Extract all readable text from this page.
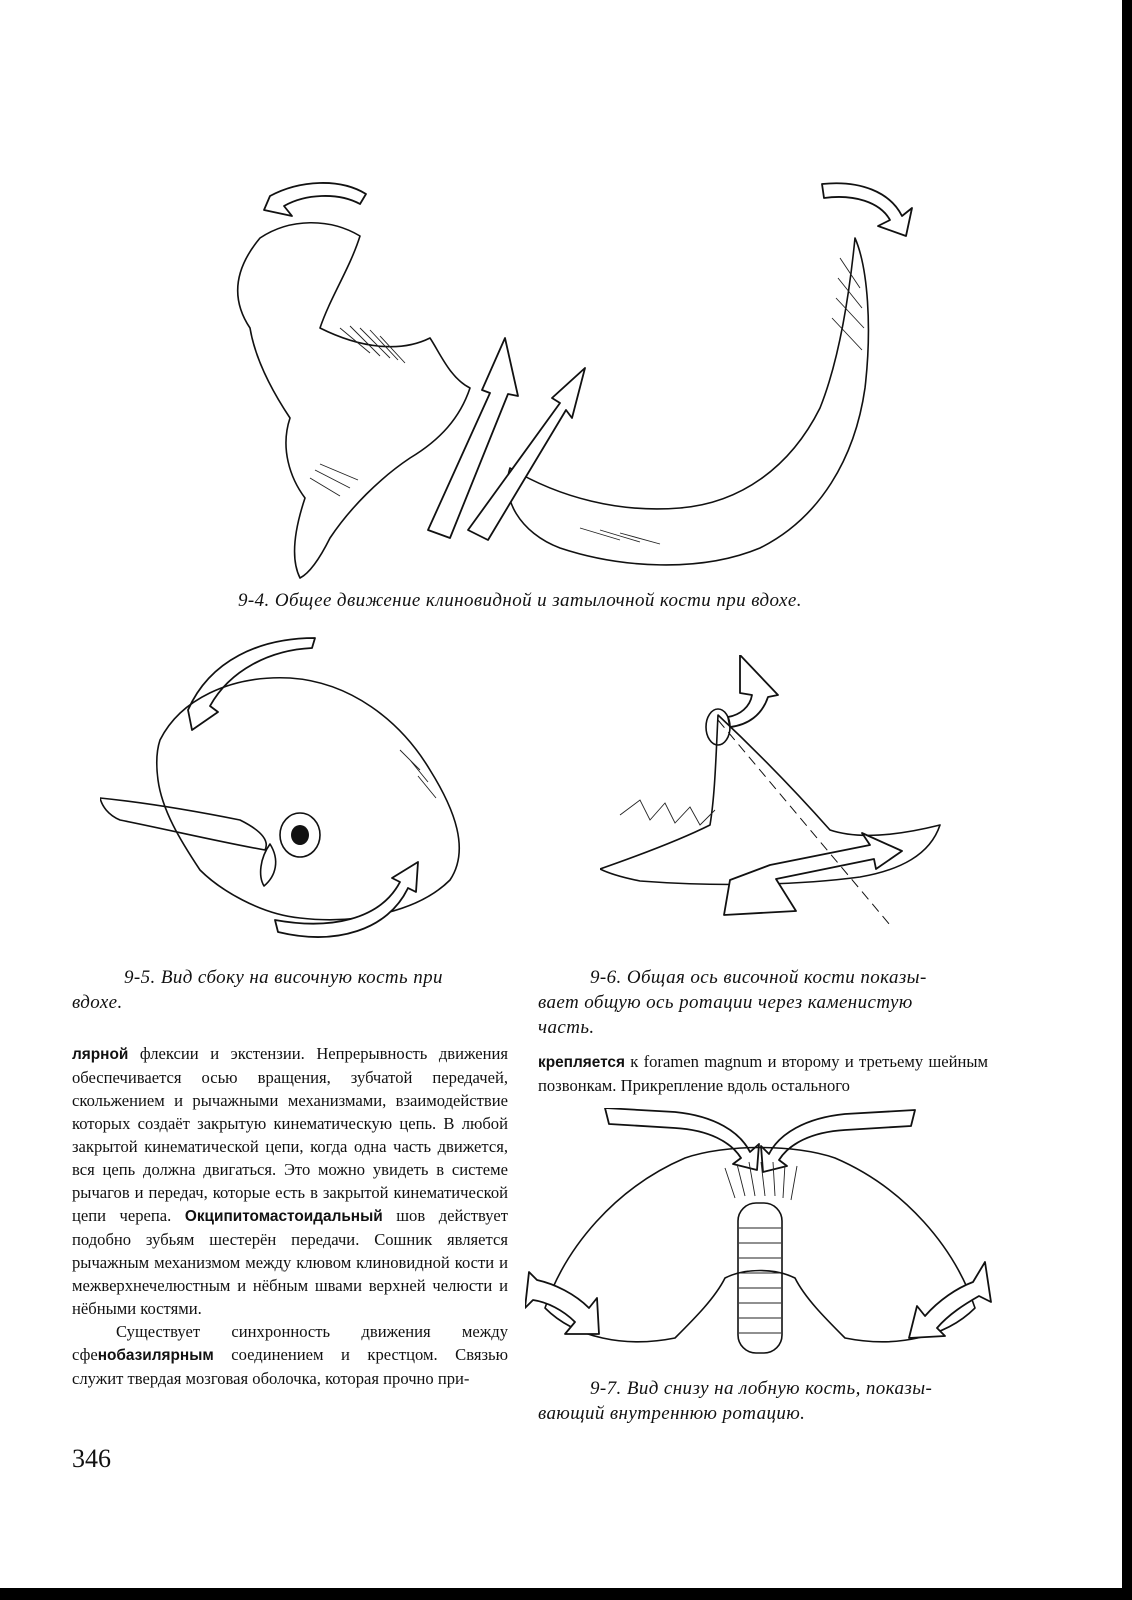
9-4. Общее движение клиновидной и затылочной кости при вдохе.
9-5. Вид сбоку на височную кость при
вдохе.
9-6. Общая ось височной кости показы-
вает общую ось ротации через каменистую
часть.

лярной флексии и экстензии. Непрерывность движения обеспечивается осью вращения, зубчатой передачей, скольжением и рычажными механизмами, взаимодействие которых создаёт закрытую кинематическую цепь. В любой закрытой кинематической цепи, когда одна часть движется, вся цепь должна двигаться. Это можно увидеть в системе рычагов и передач, которые есть в закрытой кинематической цепи черепа. Окципитомастоидальный шов действует подобно зубьям шестерён передачи. Сошник является рычажным механизмом между клювом клиновидной кости и межверхнечелюстным и нёбным швами верхней челюсти и нёбными костями.

Существует синхронность движения между сфенобазилярным соединением и крестцом. Связью служит твердая мозговая оболочка, которая прочно при-

крепляется к foramen magnum и второму и третьему шейным позвонкам. Прикрепление вдоль остального

9-7. Вид снизу на лобную кость, показы-
вающий внутреннюю ротацию.
346
